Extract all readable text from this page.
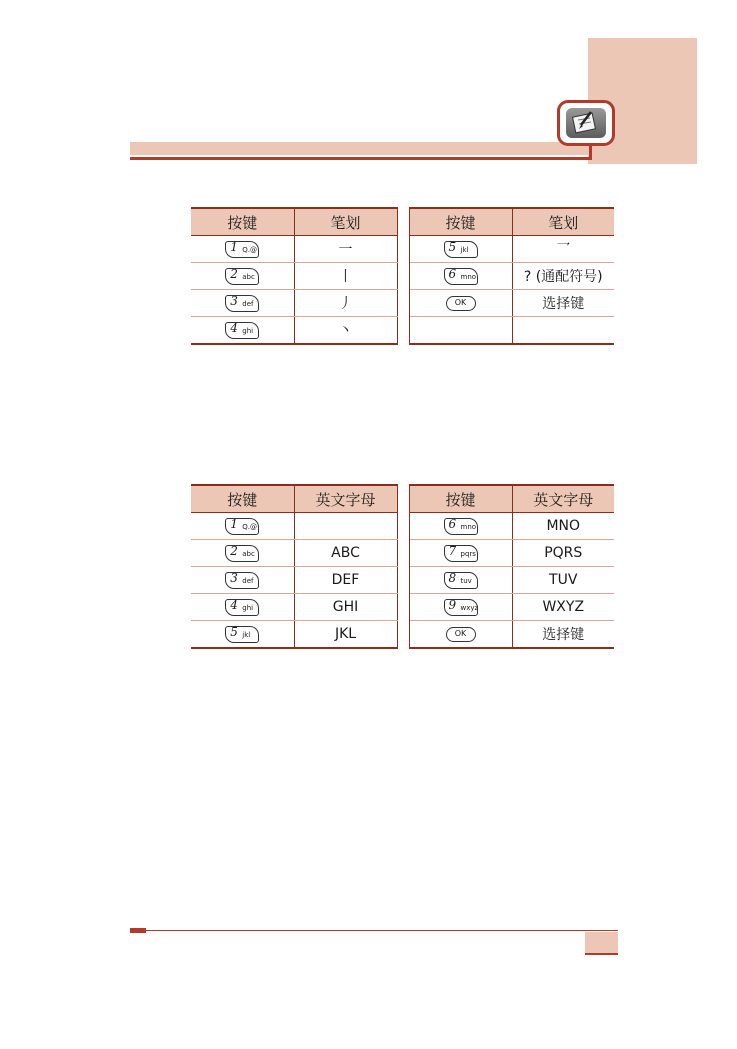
按键	笔划		按键	笔划

1 Q.@	一		5 jkl	乛

2 abc	丨		6 mno	? (通配符号)

3 def	丿		OK	选择键

4 ghi	丶			
按键	英文字母		按键	英文字母

1 Q.@			6 mno	MNO

2 abc	ABC		7 pqrs	PQRS

3 def	DEF		8 tuv	TUV

4 ghi	GHI		9 wxyz	WXYZ

5 jkl	JKL		OK	选择键
